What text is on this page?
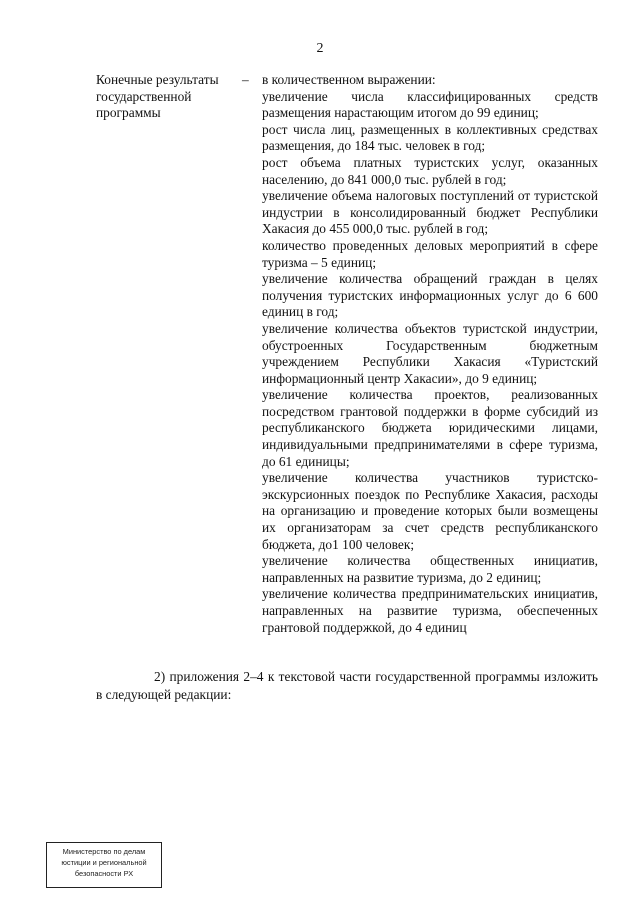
2
Конечные результаты
государственной
программы
– в количественном выражении:

увеличение числа классифицированных средств размещения нарастающим итогом до 99 единиц;

рост числа лиц, размещенных в коллективных средствах размещения, до 184 тыс. человек в год;

рост объема платных туристских услуг, оказанных населению, до 841 000,0 тыс. рублей в год;

увеличение объема налоговых поступлений от туристской индустрии в консолидированный бюджет Республики Хакасия до 455 000,0 тыс. рублей в год;

количество проведенных деловых мероприятий в сфере туризма – 5 единиц;

увеличение количества обращений граждан в целях получения туристских информационных услуг до 6 600 единиц в год;

увеличение количества объектов туристской индустрии, обустроенных Государственным бюджетным учреждением Республики Хакасия «Туристский информационный центр Хакасии», до 9 единиц;

увеличение количества проектов, реализованных посредством грантовой поддержки в форме субсидий из республиканского бюджета юридическими лицами, индивидуальными предпринимателями в сфере туризма, до 61 единицы;

увеличение количества участников туристско-экскурсионных поездок по Республике Хакасия, расходы на организацию и проведение которых были возмещены их организаторам за счет средств республиканского бюджета, до1 100 человек;

увеличение количества общественных инициатив, направленных на развитие туризма, до 2 единиц;

увеличение количества предпринимательских инициатив, направленных на развитие туризма, обеспеченных грантовой поддержкой, до 4 единиц

2) приложения 2–4 к текстовой части государственной программы изложить в следующей редакции:

Министерство по делам
юстиции и региональной
безопасности РХ
